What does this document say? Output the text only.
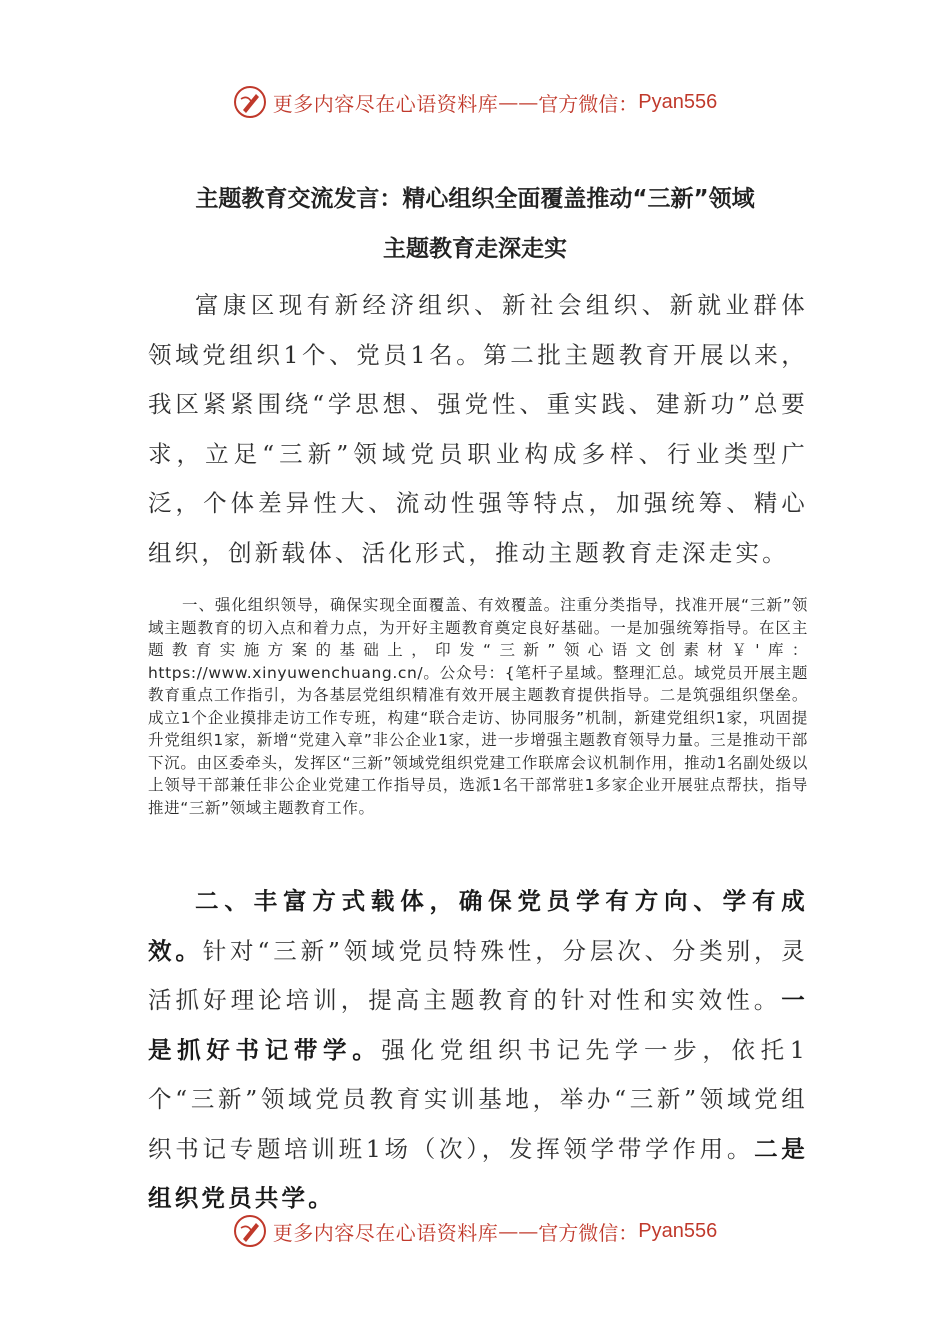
更多内容尽在心语资料库 —— 官方微信： Pyan556
主题教育交流发言：精心组织全面覆盖推动“三新”领域
主题教育走深走实
富康区现有新经济组织、新社会组织、新就业群体领域党组织1个、党员1名。第二批主题教育开展以来，我区紧紧围绕“学思想、强党性、重实践、建新功”总要求，立足“三新”领域党员职业构成多样、行业类型广泛，个体差异性大、流动性强等特点，加强统筹、精心组织，创新载体、活化形式，推动主题教育走深走实。
一、强化组织领导，确保实现全面覆盖、有效覆盖。注重分类指导，找准开展“三新”领域主题教育的切入点和着力点，为开好主题教育奠定良好基础。一是加强统筹指导。在区主题教育实施方案的基础上，印发“三新”领心语文创素材￥'库：https://www.xinyuwenchuang.cn/。公众号：{笔杆子星域。整理汇总。域党员开展主题教育重点工作指引，为各基层党组织精准有效开展主题教育提供指导。二是筑强组织堡垒。成立1个企业摸排走访工作专班，构建“联合走访、协同服务”机制，新建党组织1家，巩固提升党组织1家，新增“党建入章”非公企业1家，进一步增强主题教育领导力量。三是推动干部下沉。由区委牵头，发挥区“三新”领域党组织党建工作联席会议机制作用，推动1名副处级以上领导干部兼任非公企业党建工作指导员，选派1名干部常驻1多家企业开展驻点帮扶，指导推进“三新”领域主题教育工作。
二、丰富方式载体，确保党员学有方向、学有成效。针对“三新”领域党员特殊性，分层次、分类别，灵活抓好理论培训，提高主题教育的针对性和实效性。一是抓好书记带学。强化党组织书记先学一步，依托1个“三新”领域党员教育实训基地，举办“三新”领域党组织书记专题培训班1场（次），发挥领学带学作用。二是组织党员共学。
更多内容尽在心语资料库 —— 官方微信： Pyan556
